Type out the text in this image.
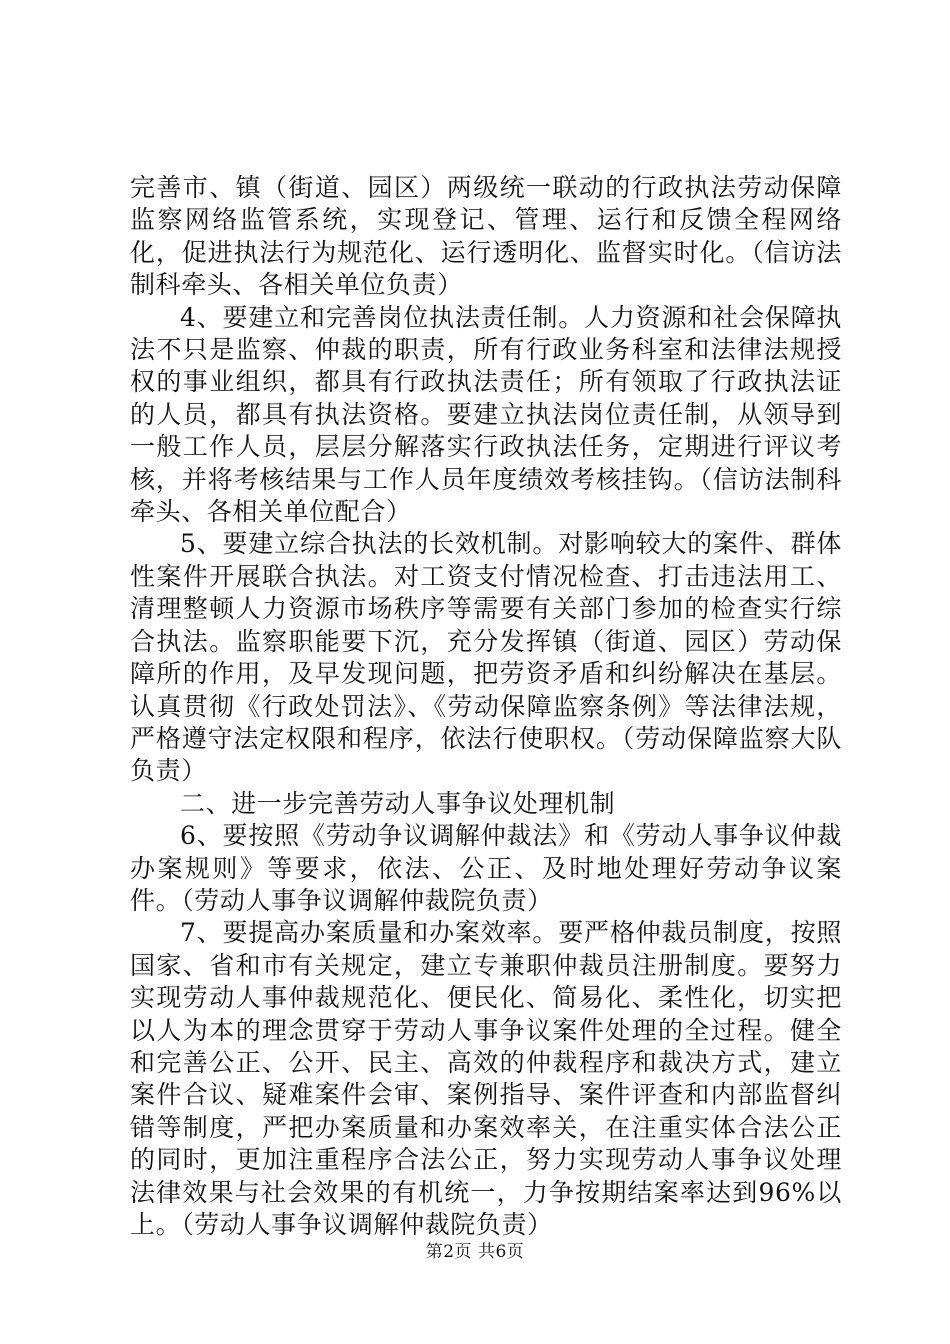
完善市、镇（街道、园区）两级统一联动的行政执法劳动保障监察网络监管系统，实现登记、管理、运行和反馈全程网络化，促进执法行为规范化、运行透明化、监督实时化。（信访法制科牵头、各相关单位负责）

4、要建立和完善岗位执法责任制。人力资源和社会保障执法不只是监察、仲裁的职责，所有行政业务科室和法律法规授权的事业组织，都具有行政执法责任；所有领取了行政执法证的人员，都具有执法资格。要建立执法岗位责任制，从领导到一般工作人员，层层分解落实行政执法任务，定期进行评议考核，并将考核结果与工作人员年度绩效考核挂钩。（信访法制科牵头、各相关单位配合）

5、要建立综合执法的长效机制。对影响较大的案件、群体性案件开展联合执法。对工资支付情况检查、打击违法用工、清理整顿人力资源市场秩序等需要有关部门参加的检查实行综合执法。监察职能要下沉，充分发挥镇（街道、园区）劳动保障所的作用，及早发现问题，把劳资矛盾和纠纷解决在基层。认真贯彻《行政处罚法》、《劳动保障监察条例》等法律法规，严格遵守法定权限和程序，依法行使职权。（劳动保障监察大队负责）

二、进一步完善劳动人事争议处理机制

6、要按照《劳动争议调解仲裁法》和《劳动人事争议仲裁办案规则》等要求，依法、公正、及时地处理好劳动争议案件。（劳动人事争议调解仲裁院负责）

7、要提高办案质量和办案效率。要严格仲裁员制度，按照国家、省和市有关规定，建立专兼职仲裁员注册制度。要努力实现劳动人事仲裁规范化、便民化、简易化、柔性化，切实把以人为本的理念贯穿于劳动人事争议案件处理的全过程。健全和完善公正、公开、民主、高效的仲裁程序和裁决方式，建立案件合议、疑难案件会审、案例指导、案件评查和内部监督纠错等制度，严把办案质量和办案效率关，在注重实体合法公正的同时，更加注重程序合法公正，努力实现劳动人事争议处理法律效果与社会效果的有机统一，力争按期结案率达到96%以上。（劳动人事争议调解仲裁院负责）

第2页 共6页
